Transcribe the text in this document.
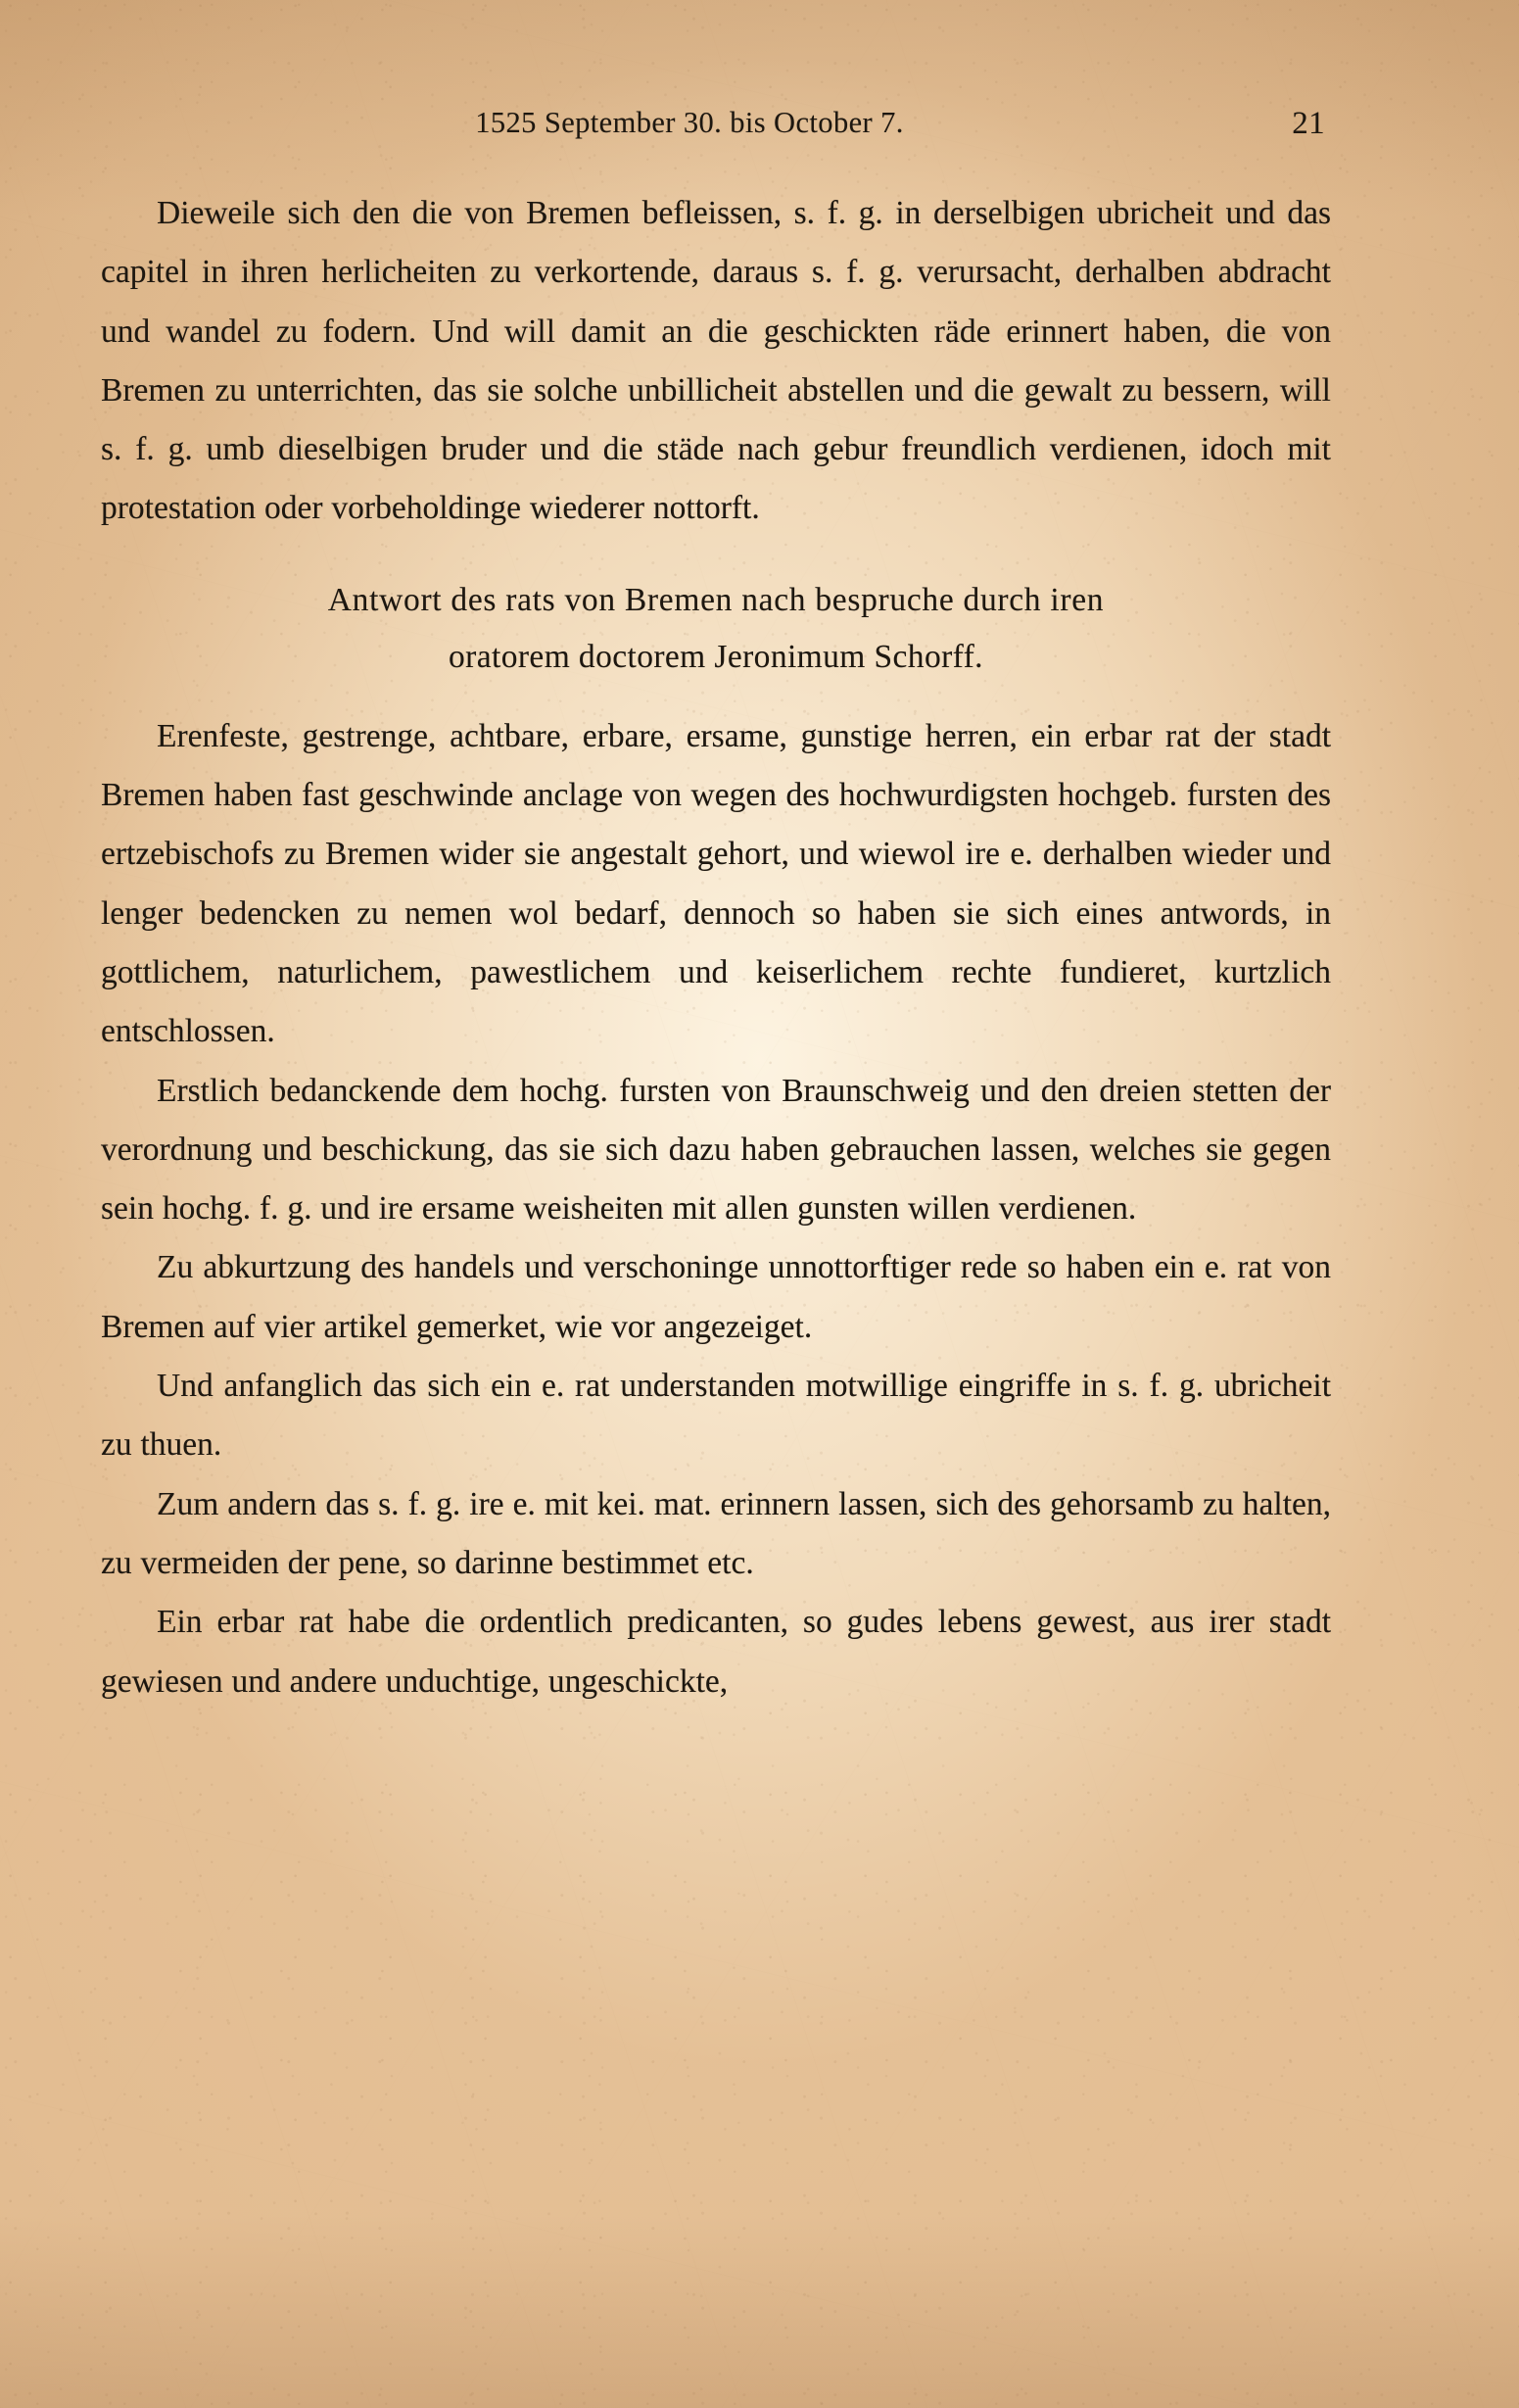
1525 September 30. bis October 7.	21

Dieweile sich den die von Bremen befleissen, s. f. g. in derselbigen ubricheit und das capitel in ihren herlicheiten zu verkortende, daraus s. f. g. verursacht, derhalben abdracht und wandel zu fodern. Und will damit an die geschickten räde erinnert haben, die von Bremen zu unterrichten, das sie solche unbillicheit abstellen und die gewalt zu bessern, will s. f. g. umb dieselbigen bruder und die städe nach gebur freundlich verdienen, idoch mit protestation oder vorbeholdinge wiederer nottorft.

Antwort des rats von Bremen nach bespruche durch iren
oratorem doctorem Jeronimum Schorff.

Erenfeste, gestrenge, achtbare, erbare, ersame, gunstige herren, ein erbar rat der stadt Bremen haben fast geschwinde anclage von wegen des hochwurdigsten hochgeb. fursten des ertzebischofs zu Bremen wider sie angestalt gehort, und wiewol ire e. derhalben wieder und lenger bedencken zu nemen wol bedarf, dennoch so haben sie sich eines antwords, in gottlichem, naturlichem, pawestlichem und keiserlichem rechte fundieret, kurtzlich entschlossen.

Erstlich bedanckende dem hochg. fursten von Braunschweig und den dreien stetten der verordnung und beschickung, das sie sich dazu haben gebrauchen lassen, welches sie gegen sein hochg. f. g. und ire ersame weisheiten mit allen gunsten willen verdienen.

Zu abkurtzung des handels und verschoninge unnottorftiger rede so haben ein e. rat von Bremen auf vier artikel gemerket, wie vor angezeiget.

Und anfanglich das sich ein e. rat understanden motwillige eingriffe in s. f. g. ubricheit zu thuen.

Zum andern das s. f. g. ire e. mit kei. mat. erinnern lassen, sich des gehorsamb zu halten, zu vermeiden der pene, so darinne bestimmet etc.

Ein erbar rat habe die ordentlich predicanten, so gudes lebens gewest, aus irer stadt gewiesen und andere unduchtige, ungeschickte,
